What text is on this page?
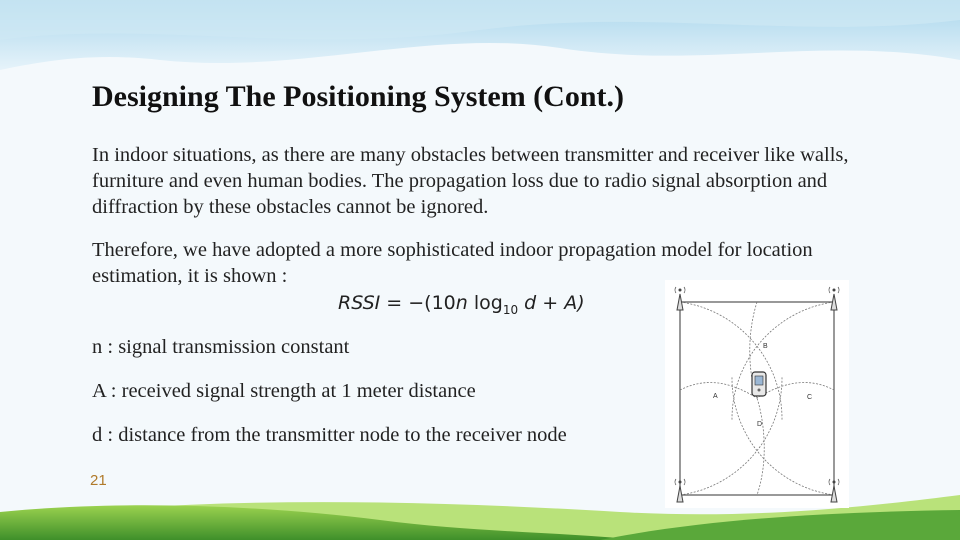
Designing The Positioning System (Cont.)
In indoor situations, as there are many obstacles between transmitter and receiver like walls, furniture and even human bodies. The propagation loss due to radio signal absorption and diffraction by these obstacles cannot be ignored.
Therefore, we have adopted a more sophisticated indoor propagation model for location estimation, it is shown :
RSSI = −(10n $\log_{10} d + A$)
n : signal transmission constant
A : received signal strength at 1 meter distance
d : distance from the transmitter node to the receiver node
21
A
B
C
D
